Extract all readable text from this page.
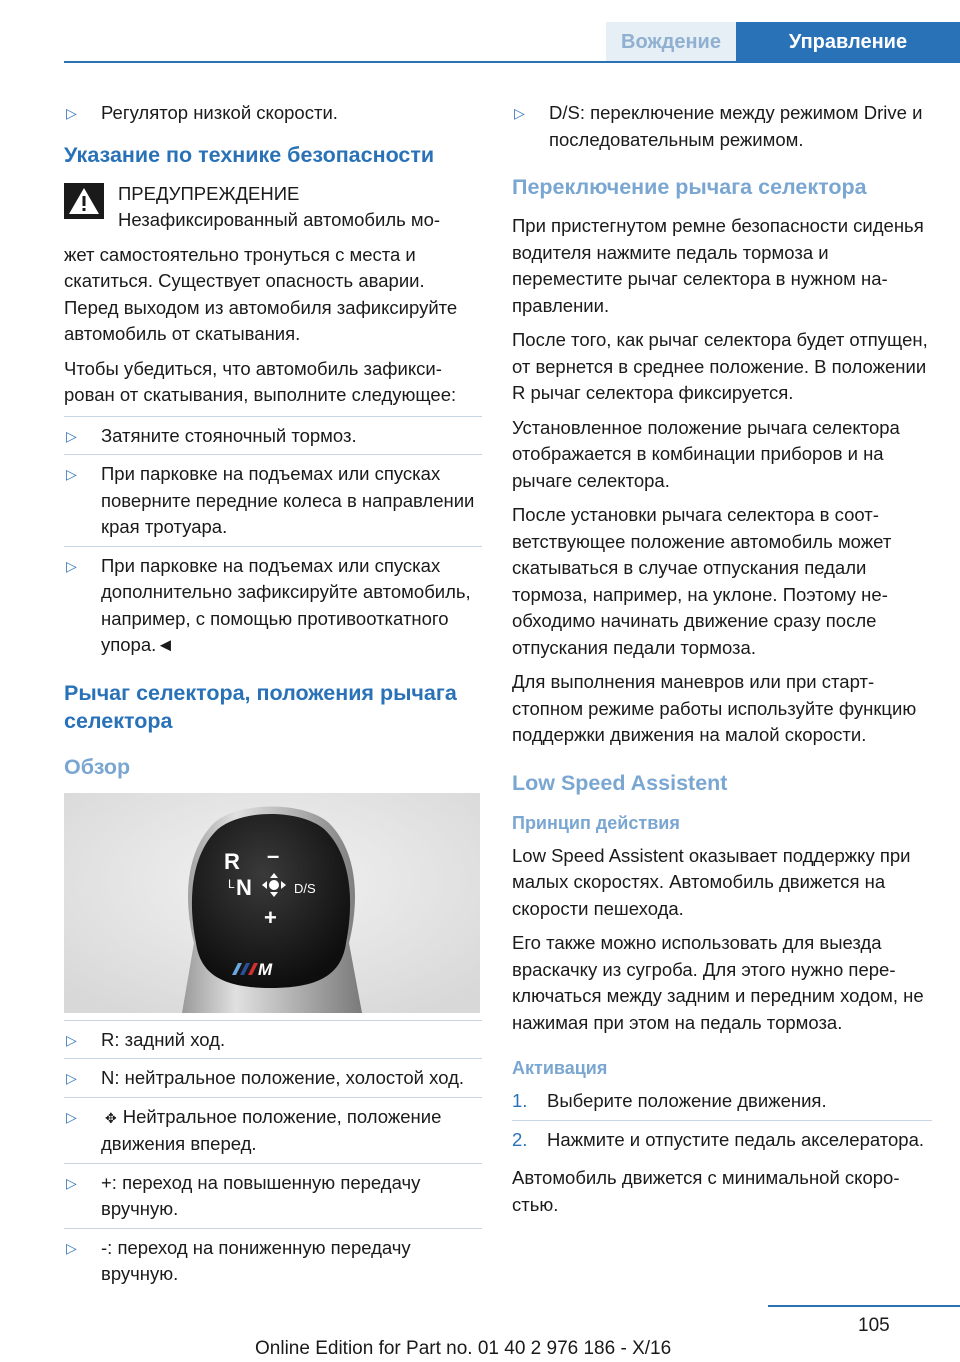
Вождение	Управление
▷	Регулятор низкой скорости.
Указание по технике безопасности
ПРЕДУПРЕЖДЕНИЕ
Незафиксированный автомобиль мо-

жет самостоятельно тронуться с места и скатиться. Существует опасность аварии. Перед выходом из автомобиля зафиксируйте автомобиль от скатывания.

Чтобы убедиться, что автомобиль зафиксирован от скатывания, выполните следующее:

▷	Затяните стояночный тормоз.
▷	При парковке на подъемах или спусках поверните передние колеса в направлении края тротуара.
▷	При парковке на подъемах или спусках дополнительно зафиксируйте автомобиль, например, с помощью противооткатного упора.◄
Рычаг селектора, положения рычага селектора
Обзор
R –
L N	D/S
+
M
▷	R: задний ход.
▷	N: нейтральное положение, холостой ход.
▷	✥ Нейтральное положение, положение движения вперед.
▷	+: переход на повышенную передачу вручную.
▷	-: переход на пониженную передачу вручную.
▷	D/S: переключение между режимом Drive и последовательным режимом.
Переключение рычага селектора

При пристегнутом ремне безопасности сиденья водителя нажмите педаль тормоза и переместите рычаг селектора в нужном направлении.

После того, как рычаг селектора будет отпущен, от вернется в среднее положение. В положении R рычаг селектора фиксируется.

Установленное положение рычага селектора отображается в комбинации приборов и на рычаге селектора.

После установки рычага селектора в соответствующее положение автомобиль может скатываться в случае отпускания педали тормоза, например, на уклоне. Поэтому необходимо начинать движение сразу после отпускания педали тормоза.

Для выполнения маневров или при старт-стопном режиме работы используйте функцию поддержки движения на малой скорости.

Low Speed Assistent
Принцип действия

Low Speed Assistent оказывает поддержку при малых скоростях. Автомобиль движется на скорости пешехода.

Его также можно использовать для выезда враскачку из сугроба. Для этого нужно переключаться между задним и передним ходом, не нажимая при этом на педаль тормоза.

Активация
1.	Выберите положение движения.
2.	Нажмите и отпустите педаль акселератора.

Автомобиль движется с минимальной скоростью.

105
Online Edition for Part no. 01 40 2 976 186 - X/16
